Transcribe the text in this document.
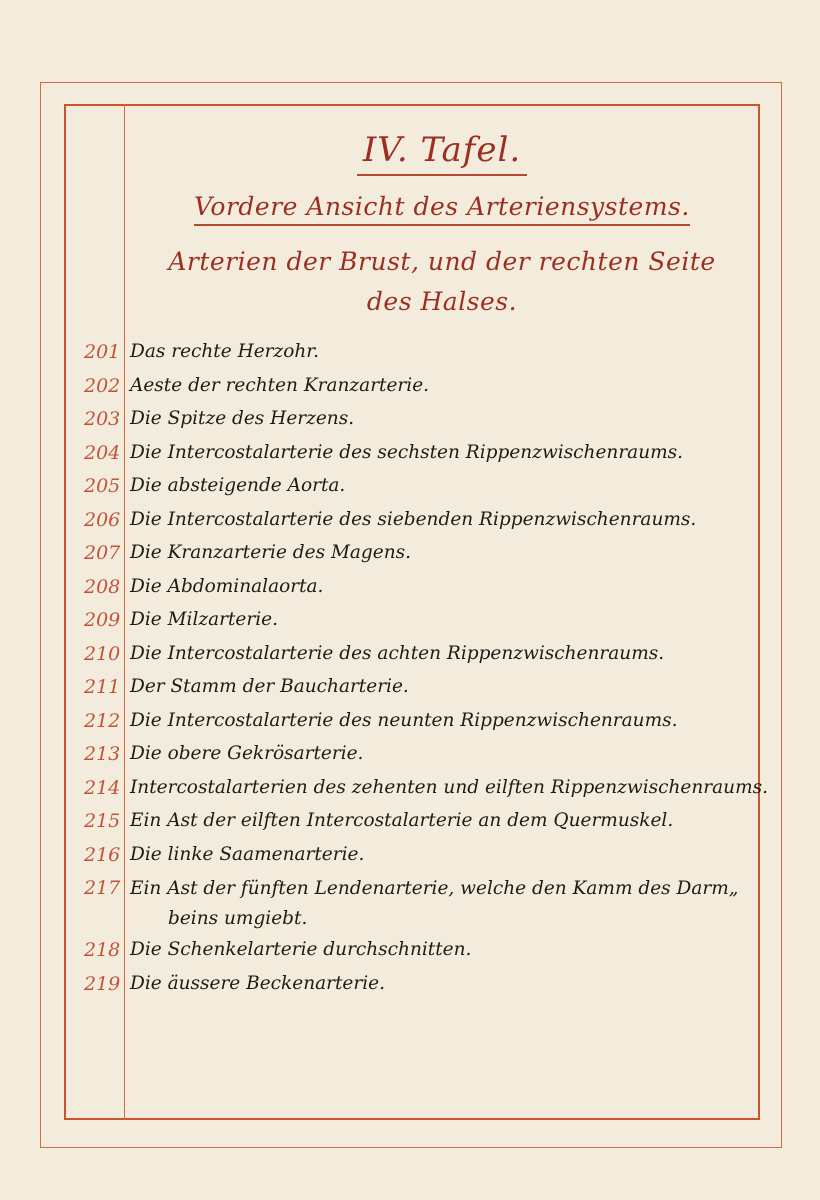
IV. Tafel.
Vordere Ansicht des Arteriensystems.
Arterien der Brust, und der rechten Seite des Halses.
201 Das rechte Herzohr.
202 Aeste der rechten Kranzarterie.
203 Die Spitze des Herzens.
204 Die Intercostalarterie des sechsten Rippenzwischenraums.
205 Die absteigende Aorta.
206 Die Intercostalarterie des siebenden Rippenzwischenraums.
207 Die Kranzarterie des Magens.
208 Die Abdominalaorta.
209 Die Milzarterie.
210 Die Intercostalarterie des achten Rippenzwischenraums.
211 Der Stamm der Baucharterie.
212 Die Intercostalarterie des neunten Rippenzwischenraums.
213 Die obere Gekrösarterie.
214 Intercostalarterien des zehenten und eilften Rippenzwischenraums.
215 Ein Ast der eilften Intercostalarterie an dem Quermuskel.
216 Die linke Saamenarterie.
217 Ein Ast der fünften Lendenarterie, welche den Kamm des Darm„
beins umgiebt.
218 Die Schenkelarterie durchschnitten.
219 Die äussere Beckenarterie.
